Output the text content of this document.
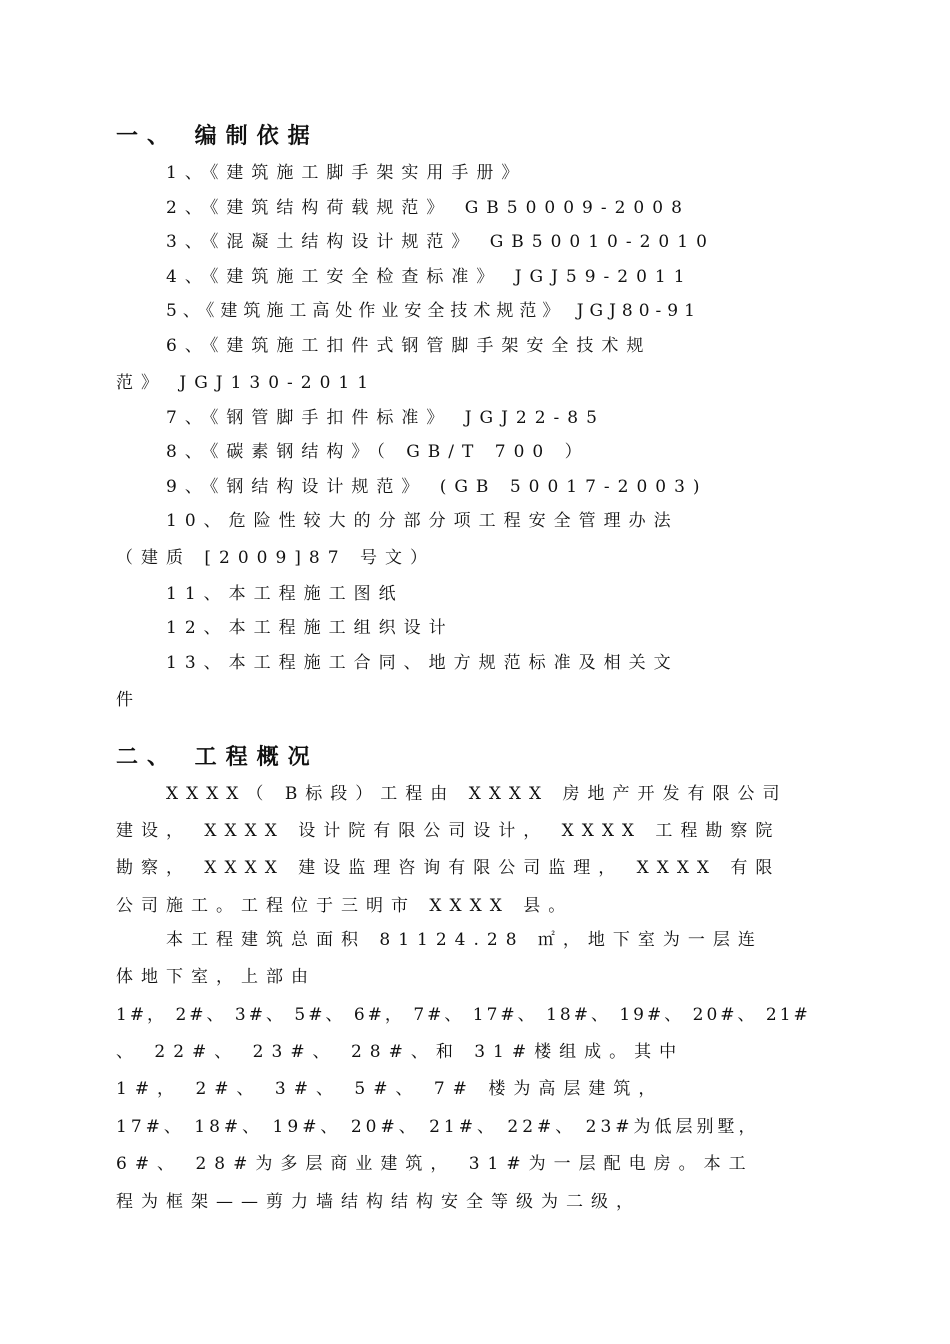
一、 编制依据
1、《建筑施工脚手架实用手册》
2、《建筑结构荷载规范》 GB50009-2008
3、《混凝土结构设计规范》 GB50010-2010
4、《建筑施工安全检查标准》 JGJ59-2011
5、《建筑施工高处作业安全技术规范》 JGJ80-91
6、《建筑施工扣件式钢管脚手架安全技术规
范》 JGJ130-2011
7、《钢管脚手扣件标准》 JGJ22-85
8、《碳素钢结构》（ GB/T 700 ）
9、《钢结构设计规范》 (GB 50017-2003)
10、危险性较大的分部分项工程安全管理办法
（建质 [2009]87 号文）
11、本工程施工图纸
12、本工程施工组织设计
13、本工程施工合同、地方规范标准及相关文
件
二、 工程概况
XXXX（ B标段）工程由 XXXX 房地产开发有限公司
建设， XXXX 设计院有限公司设计， XXXX 工程勘察院
勘察， XXXX 建设监理咨询有限公司监理， XXXX 有限
公司施工。工程位于三明市 XXXX 县。
本工程建筑总面积 81124.28 ㎡，地下室为一层连
体地下室，上部由
1#， 2#、 3#、 5#、 6#， 7#、 17#、 18#、 19#、 20#、 21#
、 22#、 23#、 28#、和 31#楼组成。其中
1#， 2#、 3#、 5#、 7# 楼为高层建筑，
17#、 18#、 19#、 20#、 21#、 22#、 23#为低层别墅，
6#、 28#为多层商业建筑， 31#为一层配电房。本工
程为框架——剪力墙结构结构安全等级为二级，
